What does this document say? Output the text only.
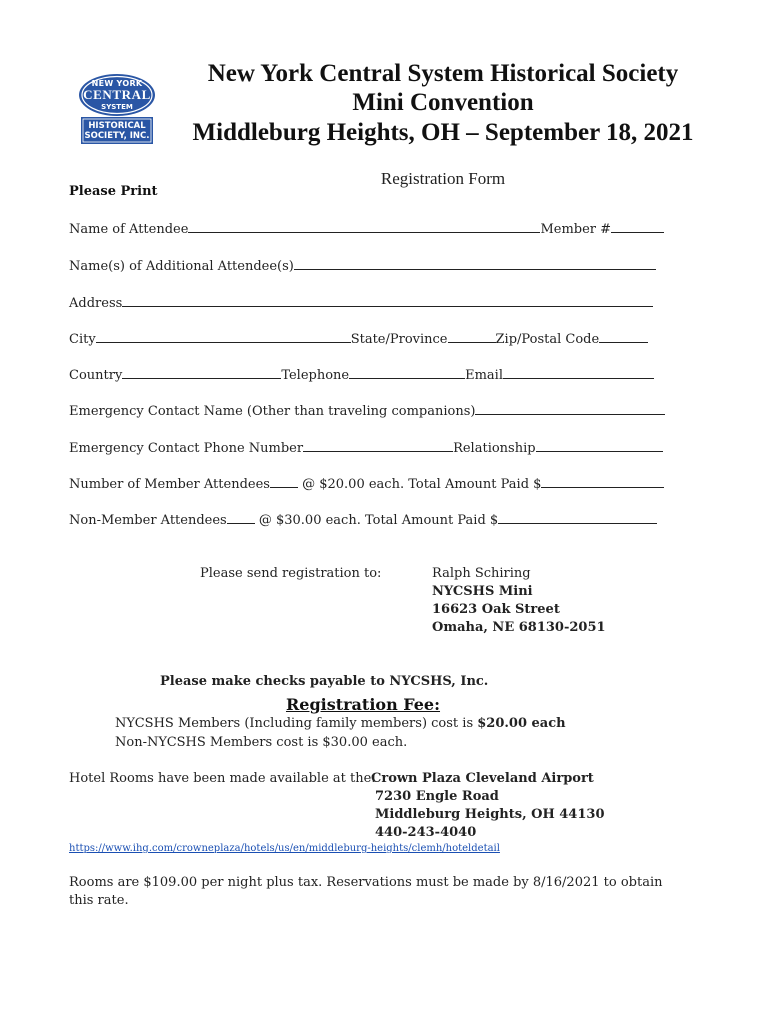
NEW YORK
CENTRAL
SYSTEM
HISTORICAL
SOCIETY, INC.
New York Central System Historical Society
Mini Convention
Middleburg Heights, OH – September 18, 2021
Registration Form
Please Print
Name of Attendee	Member #
Name(s) of Additional Attendee(s)
Address
City	State/Province	Zip/Postal Code
Country	Telephone	Email
Emergency Contact Name (Other than traveling companions)
Emergency Contact Phone Number	Relationship
Number of Member Attendees @ $20.00 each. Total Amount Paid $
Non-Member Attendees @ $30.00 each. Total Amount Paid $
Please send registration to:	Ralph Schiring
NYCSHS Mini
16623 Oak Street
Omaha, NE 68130-2051
Please make checks payable to NYCSHS, Inc.
Registration Fee:
NYCSHS Members (Including family members) cost is $20.00 each
Non-NYCSHS Members cost is $30.00 each.
Hotel Rooms have been made available at the:
Crown Plaza Cleveland Airport
7230 Engle Road
Middleburg Heights, OH 44130
440-243-4040
https://www.ihg.com/crowneplaza/hotels/us/en/middleburg-heights/clemh/hoteldetail
Rooms are $109.00 per night plus tax. Reservations must be made by 8/16/2021 to obtain
this rate.
